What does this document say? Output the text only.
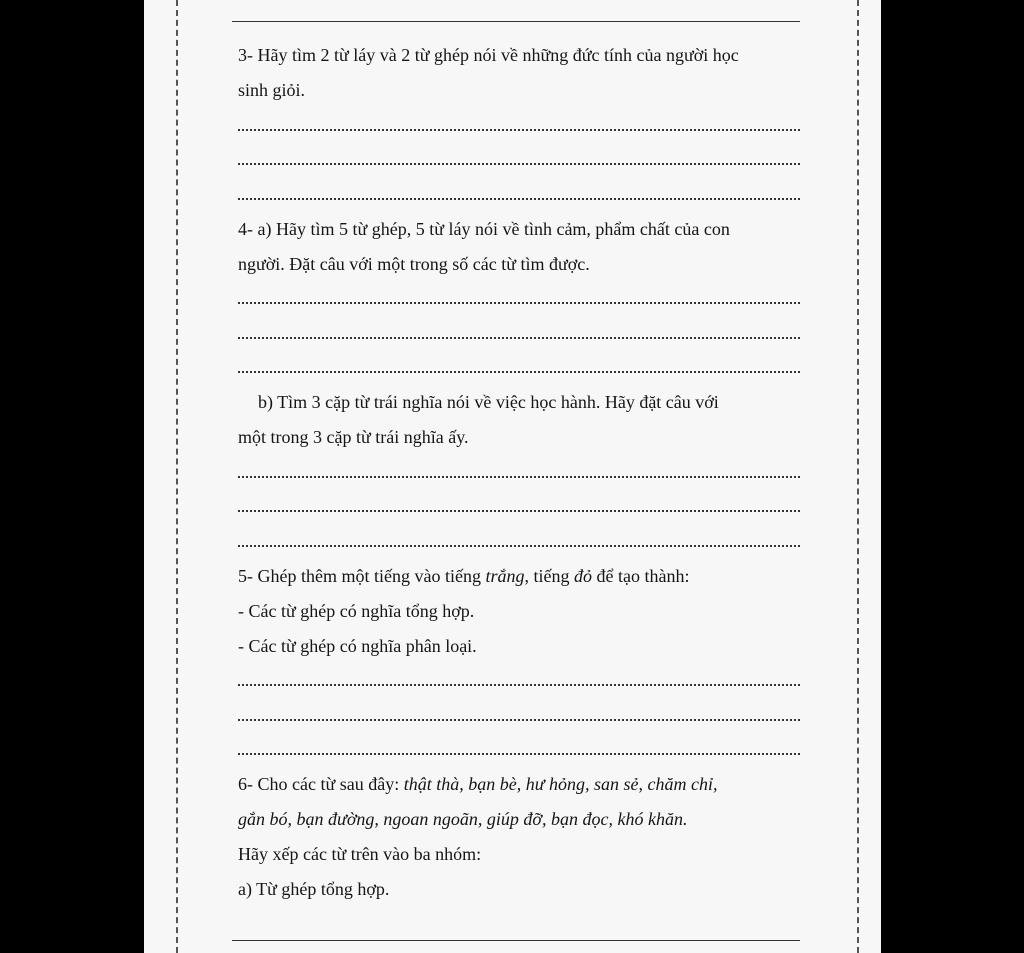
3- Hãy tìm 2 từ láy và 2 từ ghép nói về những đức tính của người học
sinh giỏi.
4- a) Hãy tìm 5 từ ghép, 5 từ láy nói về tình cảm, phẩm chất của con
người. Đặt câu với một trong số các từ tìm được.
b) Tìm 3 cặp từ trái nghĩa nói về việc học hành. Hãy đặt câu với
một trong 3 cặp từ trái nghĩa ấy.
5- Ghép thêm một tiếng vào tiếng trắng, tiếng đỏ để tạo thành:
- Các từ ghép có nghĩa tổng hợp.
- Các từ ghép có nghĩa phân loại.
6- Cho các từ sau đây: thật thà, bạn bè, hư hỏng, san sẻ, chăm chỉ,
gắn bó, bạn đường, ngoan ngoãn, giúp đỡ, bạn đọc, khó khăn.
Hãy xếp các từ trên vào ba nhóm:
a) Từ ghép tổng hợp.
